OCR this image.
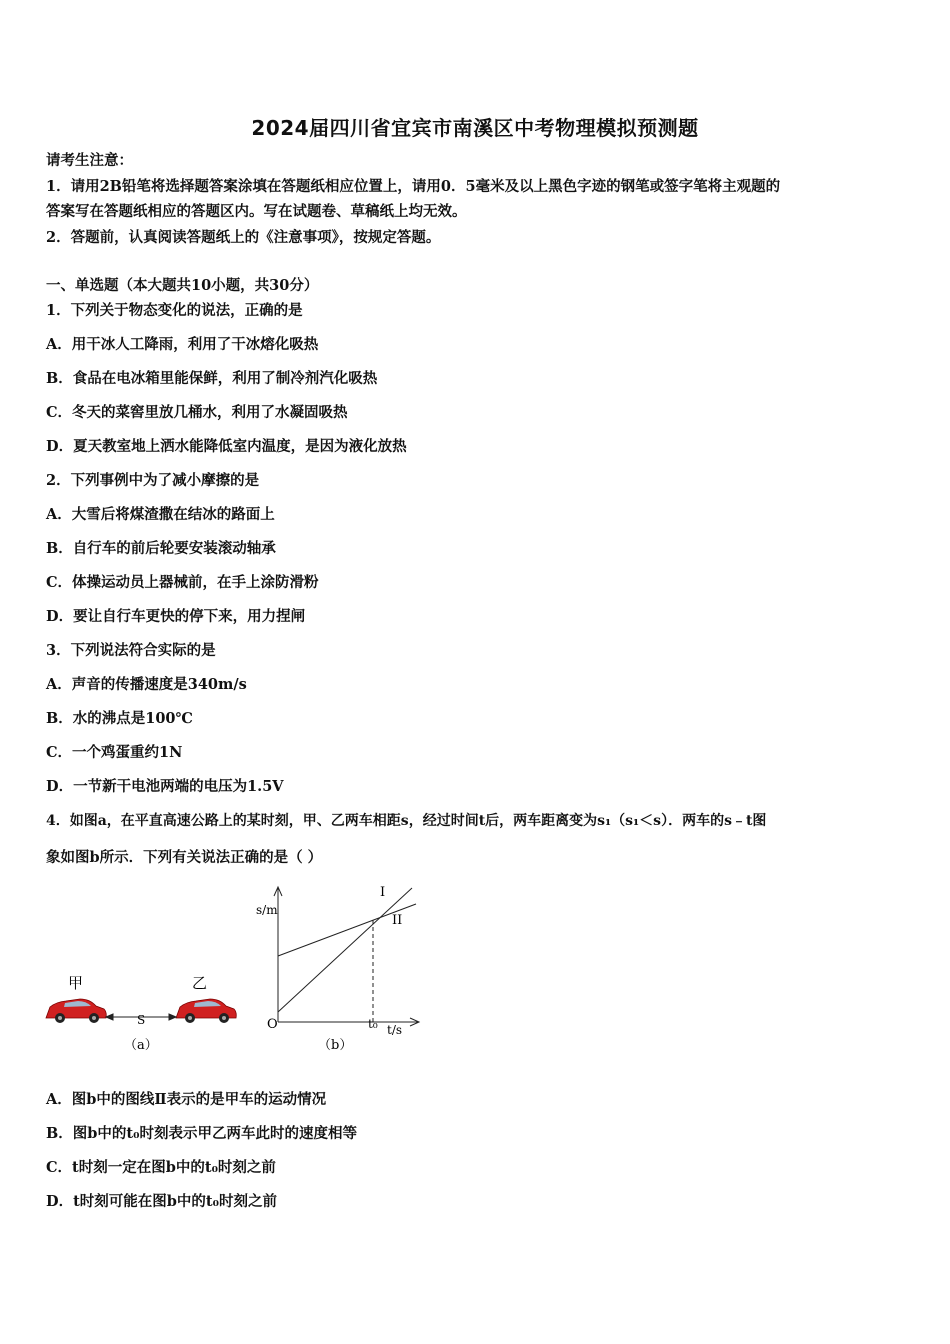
2024届四川省宜宾市南溪区中考物理模拟预测题
请考生注意：
1．请用2B铅笔将选择题答案涂填在答题纸相应位置上，请用0．5毫米及以上黑色字迹的钢笔或签字笔将主观题的
答案写在答题纸相应的答题区内。写在试题卷、草稿纸上均无效。
2．答题前，认真阅读答题纸上的《注意事项》，按规定答题。
一、单选题（本大题共10小题，共30分）
1．下列关于物态变化的说法，正确的是
A．用干冰人工降雨，利用了干冰熔化吸热
B．食品在电冰箱里能保鲜，利用了制冷剂汽化吸热
C．冬天的菜窖里放几桶水，利用了水凝固吸热
D．夏天教室地上洒水能降低室内温度，是因为液化放热
2．下列事例中为了减小摩擦的是
A．大雪后将煤渣撒在结冰的路面上
B．自行车的前后轮要安装滚动轴承
C．体操运动员上器械前，在手上涂防滑粉
D．要让自行车更快的停下来，用力捏闸
3．下列说法符合实际的是
A．声音的传播速度是340m/s
B．水的沸点是100℃
C．一个鸡蛋重约1N
D．一节新干电池两端的电压为1.5V
4．如图a，在平直高速公路上的某时刻，甲、乙两车相距s，经过时间t后，两车距离变为s₁（s₁＜s）．两车的s﹣t图
象如图b所示．下列有关说法正确的是（ ）
甲	乙
S
（a）
s/m
t/s
O	t₀
I
II
（b）
A．图b中的图线Ⅱ表示的是甲车的运动情况
B．图b中的t₀时刻表示甲乙两车此时的速度相等
C．t时刻一定在图b中的t₀时刻之前
D．t时刻可能在图b中的t₀时刻之前
